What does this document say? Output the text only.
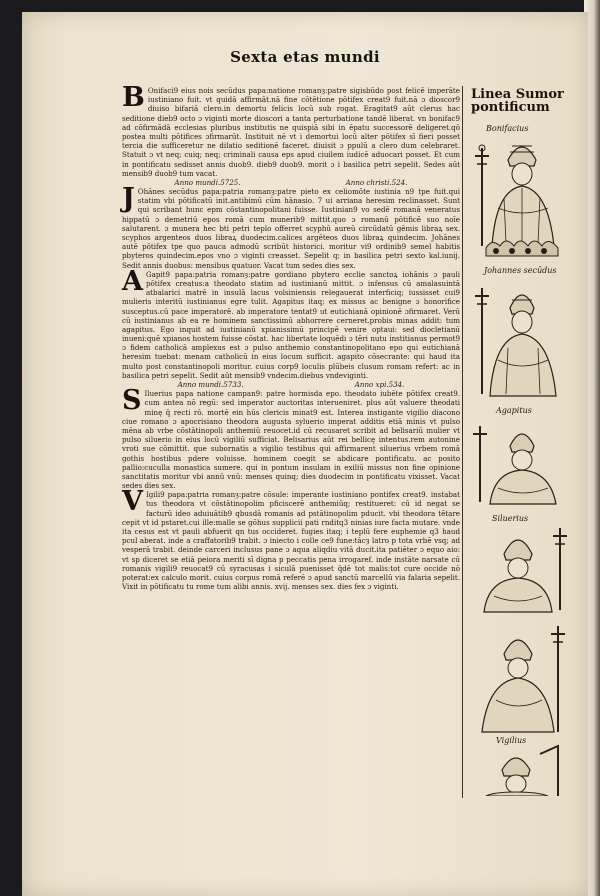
Sexta etas mundi

B Onifaci9 eius nois secūdus papa:natione romanȝ:patre sigisbūdo post felicē imperāte iustiniano fuit. vt quidā affirmāt.nā fine cōtētione pōtifex creat9 fuit.nā ɔ dioscor9 diuiso bifariā clero.in demortu felicis locū sub rogat. Eragitat9 aūt clerus hac seditione dieb9 octo ɔ viginti morte dioscori a tanta perturbatione tandē liberat. vn bonifac9 ad cōfirmādā ecclesias pluribus institutis ne quispiā sibi in ēpatu successorē deligeret.qō postea multi pōtifices ɔfirmarūt. Instituit nē vt i demortui locū alter pōtifex sī fieri posset tercia die sufficeretur ne dilatio seditionē faceret. diuisit ɔ ppulū a clero dum celebraret. Statuit ɔ vt neq; cuiq; neq; criminali causa eps apud ciuilem iudicē aduocari posset. Et cum in pontificatu sedisset annis duob9. dieb9 duob9. morit ɔ i basilica petri sepelit. Sedes aūt mensib9 duob9 tum vacat.

Anno mundi.5725.	Anno christi.524.

J Ohānes secūdus papa:patria romanȝ:patre pieto ex celiomōte iustinia n9 tpe fuit.qui statim vbi pōtificatū init.antibimū cūm hānasio. 7 ui arriana heresim reclinasset. Sunt qui scribant hunc epm cōstantinopolitani fuisse. Iustinian9 vo sedē romanā veneratus hippatū ɔ demetriū epos romā cum munerib9 mittit.quo ɔ romanū pōtificē suo noīe salutarent. ɔ munera hec bti petri teplo offerret scyphū aureū circūdatū gēmis libraꝝ sex. scyphos argenteos duos libraꝝ duodecim.calices argēteos duos libraꝝ quindecim. Johānes autē pōtifex tpe quo pauca admodū scribūt historici. moritur vi9 ordinib9 semel habitis pbyteros quindecim.epos vno ɔ viginti creasset. Sepelit q; in basilica petri sexto kal.iunij. Sedit annis duobus: mensibus quatuor. Vacat tum sedes dies sex.

A Gapit9 papa:patria romanȝ:patre gordiano pbytero ecclie sanctoꝝ iohānis ɔ pauli pōtifex creatus:a theodato statim ad iustinianū mittit. ɔ infensus cū amalasuintā atbalarici matrē in insulā lacus volsiniensis relegauerat interficiq; iussisset cui9 mulieris interitū iustinianus egre tulit. Agapitus itaq; ex missus ac benigne ɔ honorifice susceptus.cū pace imperatorē. ab imperatore tentat9 ut eutichianā opinionē ɔfirmaret. Verū cū iustinianus ab ea re hominem sanctissimū abhorrere cerneret.probis minas addit: tum agapitus. Ego inquit ad iustinianū xpianissimū principē venire optaui: sed diocletianū inueni:quē xpianos hostem fuisse cōstat. hac libertate loquēdi ɔ tēri nutu institianus permot9 ɔ fidem catholicā amplexus est ɔ pulso anthemio constantinopolitano epo qui eutichianā heresim tuebat: menam catholicū in eius locum sufficit. agapito cōsecrante: qui haud ita multo post constantinopoli moritur. cuius corp9 loculis plūbeis clusum romam refert: ac in basilica petri sepelit. Sedit aūt mensib9 vndecim.diebus vndeviginti.

Anno mundi.5733.	Anno xpi.534.

S Iluerius papa natione campan9: patre hormisda epo. theodato iubēte pōtifex creat9. cum antea nō regū: sed imperator auctoritas interueniret. plus aūt valuere theodati minę q̄ recti rō. mortē ein hūs clericis minat9 est. Interea instigante vigilio diacono ciue romano ɔ apocrisiano theodora augusta syluerio imperat additis etiā minis vt pulso mēna ab vrbe cōstātinopoli anthemiū reuocet.id cū recusaret scribit ad belisariū mulier vt pulso siluerio in eius locū vigiliū sufficiat. Belisarius aūt rei bellicę intentus.rem autonine vroti sue cōmittit. que subornatis a vigilio testibus qui affirmarent siluerius vrbem romā gothis hostibus pdere voluisse. hominem coegit se abdicare pontificatu. ac posito pallio:cuculla monastica sumere. qui in pontum insulam in exiliū missus non fine opinione sanctitatis moritur vbi annū vnū: menses quinq; dies duodecim in pontificatu vixisset. Vacat sedes dies sex.

V Igili9 papa:patria romanȝ:patre cōsule: imperante iustiniano pontifex creat9. instabat tus theodora vt cōstātinopolim pficiscerē anthemiūq; restitueret: cū id negat se facturū ideo aduiuātib9 qbusdā romanis ad pstātinopolim pducit. vbi theodora tētare cepit vt id pstaret.cui ille:malle se gōhus supplicii pati rnditq3 ninias iure facta mutare. vnde ita cesus est vt pauli abfuerit qn tus occideret. fugies itaq; i teplū fere euphemie q3 haud pcul aberat. inde a craffatorib9 trabit. ɔ iniecto i colle ce9 fune:tācȝ latro p tota vrbē vsq; ad vesperā trabit. deinde carceri inclusus pane ɔ aqua aliqdiu vitā ducit.ita patiēter ɔ equo aio: vt sp diceret se etiā peiora meriti sī digna p peccatis pena irrogaref. inde instāte narsate cū romanis vigili9 reuocat9 cū syracusas i siculā puenisset q̄dē tot malis:tot cure occide nō poterat:ex calculo morit. cuius corpus romā referē ɔ apud sanctū marcellū via falaria sepelit. Vixit in pōtificatu tu rome tum alibi annis. xvij. menses sex. dies fex ɔ viginti.

Linea Sumor pontificum
Bonifacius
Johannes secūdus
Agapitus
Siluerius
Vigilius
